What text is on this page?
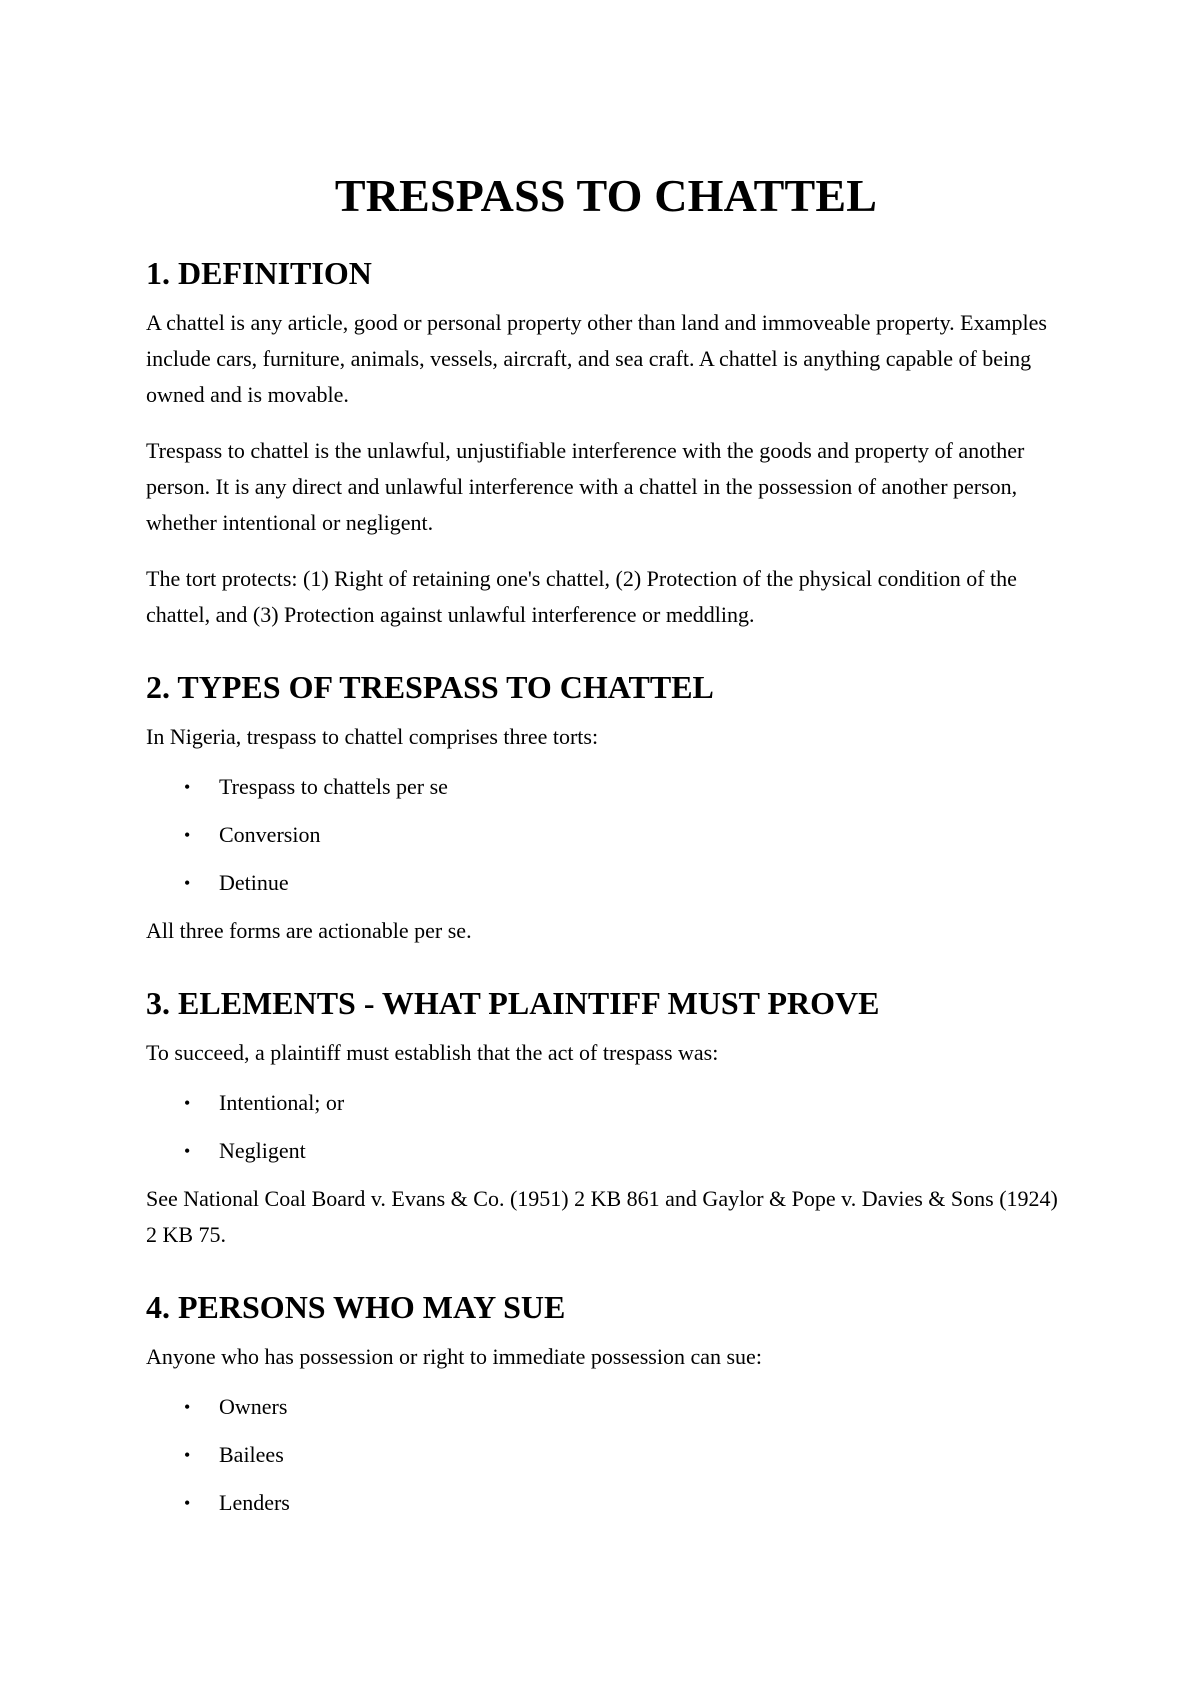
TRESPASS TO CHATTEL
1. DEFINITION

A chattel is any article, good or personal property other than land and immoveable property. Examples include cars, furniture, animals, vessels, aircraft, and sea craft. A chattel is anything capable of being owned and is movable.

Trespass to chattel is the unlawful, unjustifiable interference with the goods and property of another person. It is any direct and unlawful interference with a chattel in the possession of another person, whether intentional or negligent.

The tort protects: (1) Right of retaining one's chattel, (2) Protection of the physical condition of the chattel, and (3) Protection against unlawful interference or meddling.

2. TYPES OF TRESPASS TO CHATTEL

In Nigeria, trespass to chattel comprises three torts:

• Trespass to chattels per se
• Conversion
• Detinue

All three forms are actionable per se.

3. ELEMENTS - WHAT PLAINTIFF MUST PROVE

To succeed, a plaintiff must establish that the act of trespass was:

• Intentional; or
• Negligent

See National Coal Board v. Evans & Co. (1951) 2 KB 861 and Gaylor & Pope v. Davies & Sons (1924) 2 KB 75.

4. PERSONS WHO MAY SUE

Anyone who has possession or right to immediate possession can sue:

• Owners
• Bailees
• Lenders
